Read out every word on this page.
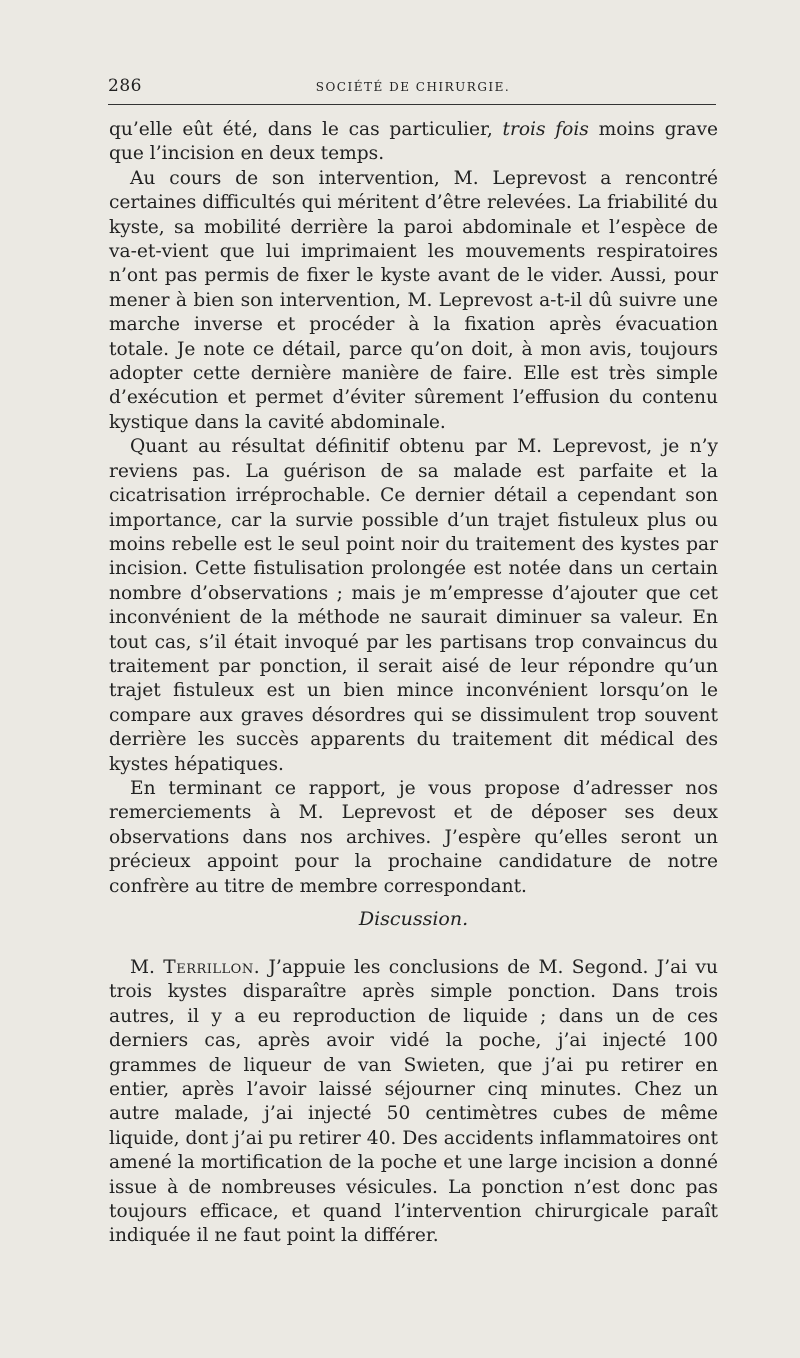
286	SOCIÉTÉ DE CHIRURGIE.

qu’elle eût été, dans le cas particulier, trois fois moins grave que l’incision en deux temps.

Au cours de son intervention, M. Leprevost a rencontré certaines difficultés qui méritent d’être relevées. La friabilité du kyste, sa mobilité derrière la paroi abdominale et l’espèce de va-et-vient que lui imprimaient les mouvements respiratoires n’ont pas permis de fixer le kyste avant de le vider. Aussi, pour mener à bien son intervention, M. Leprevost a-t-il dû suivre une marche inverse et procéder à la fixation après évacuation totale. Je note ce détail, parce qu’on doit, à mon avis, toujours adopter cette dernière manière de faire. Elle est très simple d’exécution et permet d’éviter sûrement l’effusion du contenu kystique dans la cavité abdominale.

Quant au résultat définitif obtenu par M. Leprevost, je n’y reviens pas. La guérison de sa malade est parfaite et la cicatrisation irréprochable. Ce dernier détail a cependant son importance, car la survie possible d’un trajet fistuleux plus ou moins rebelle est le seul point noir du traitement des kystes par incision. Cette fistulisation prolongée est notée dans un certain nombre d’observations ; mais je m’empresse d’ajouter que cet inconvénient de la méthode ne saurait diminuer sa valeur. En tout cas, s’il était invoqué par les partisans trop convaincus du traitement par ponction, il serait aisé de leur répondre qu’un trajet fistuleux est un bien mince inconvénient lorsqu’on le compare aux graves désordres qui se dissimulent trop souvent derrière les succès apparents du traitement dit médical des kystes hépatiques.

En terminant ce rapport, je vous propose d’adresser nos remerciements à M. Leprevost et de déposer ses deux observations dans nos archives. J’espère qu’elles seront un précieux appoint pour la prochaine candidature de notre confrère au titre de membre correspondant.

Discussion.

M. Terrillon. J’appuie les conclusions de M. Segond. J’ai vu trois kystes disparaître après simple ponction. Dans trois autres, il y a eu reproduction de liquide ; dans un de ces derniers cas, après avoir vidé la poche, j’ai injecté 100 grammes de liqueur de van Swieten, que j’ai pu retirer en entier, après l’avoir laissé séjourner cinq minutes. Chez un autre malade, j’ai injecté 50 centimètres cubes de même liquide, dont j’ai pu retirer 40. Des accidents inflammatoires ont amené la mortification de la poche et une large incision a donné issue à de nombreuses vésicules. La ponction n’est donc pas toujours efficace, et quand l’intervention chirurgicale paraît indiquée il ne faut point la différer.
